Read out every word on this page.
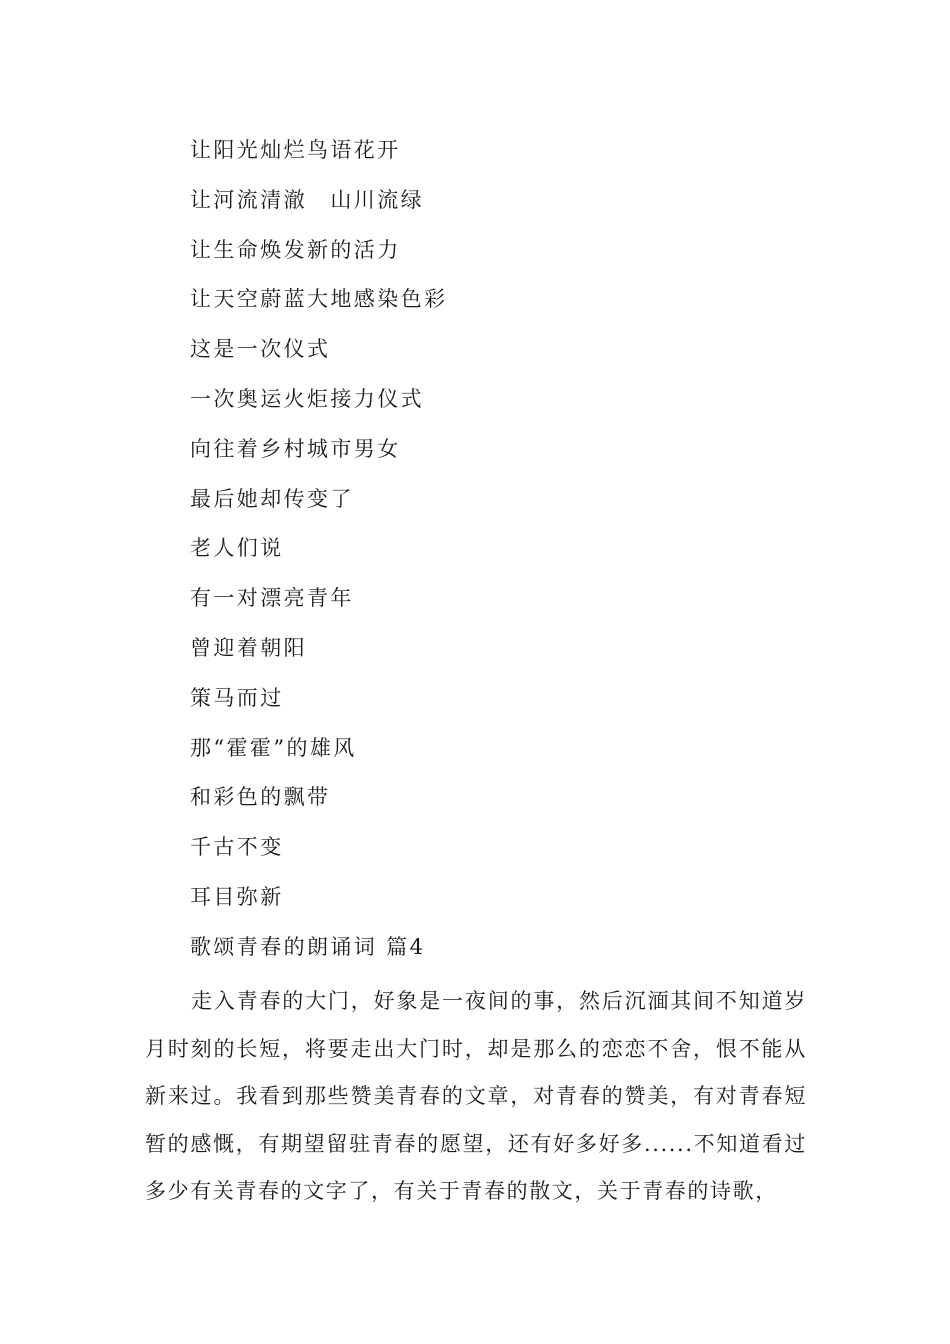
让阳光灿烂鸟语花开
让河流清澈　山川流绿
让生命焕发新的活力
让天空蔚蓝大地感染色彩
这是一次仪式
一次奥运火炬接力仪式
向往着乡村城市男女
最后她却传变了
老人们说
有一对漂亮青年
曾迎着朝阳
策马而过
那“霍霍”的雄风
和彩色的飘带
千古不变
耳目弥新
歌颂青春的朗诵词 篇4

走入青春的大门，好象是一夜间的事，然后沉湎其间不知道岁月时刻的长短，将要走出大门时，却是那么的恋恋不舍，恨不能从新来过。我看到那些赞美青春的文章，对青春的赞美，有对青春短暂的感慨，有期望留驻青春的愿望，还有好多好多......不知道看过多少有关青春的文字了，有关于青春的散文，关于青春的诗歌，
